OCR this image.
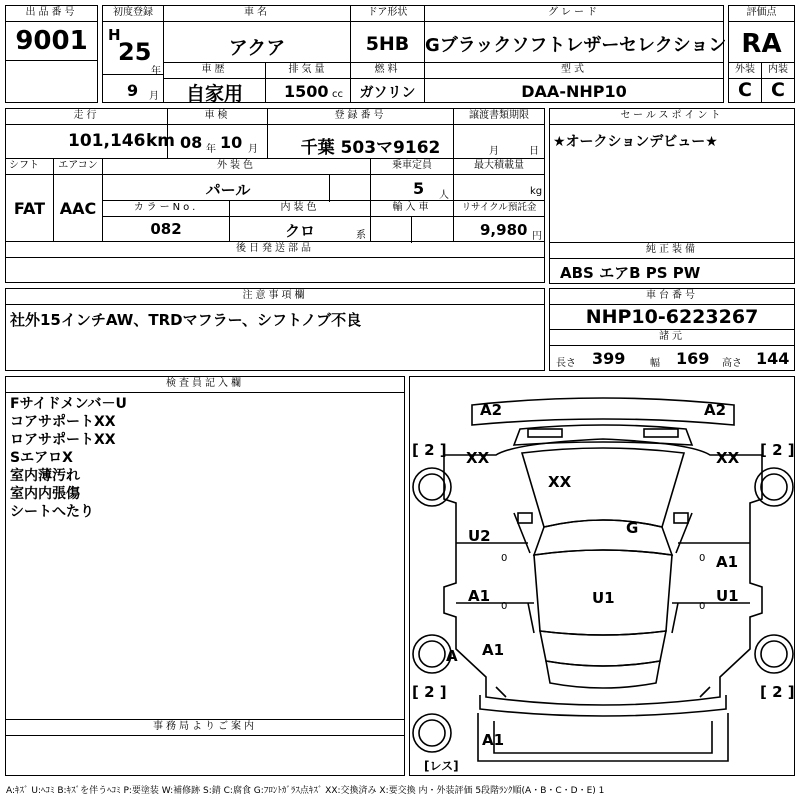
出品番号
9001
初度登録
H
25
年
9 月
車名
アクア
ドア形状
5HB
グレード
Gブラックソフトレザーセレクション
評価点
RA
車歴
自家用
排気量
1500 cc
燃料
ガソリン
型式
DAA-NHP10
外装
C
内装
C
走行
101,146 km
車検
08 年 10 月
登録番号
千葉 503マ9162
譲渡書類期限
月	日
セールスポイント
★オークションデビュー★
シフト
FAT
エアコン
AAC
外装色
パール
乗車定員
5 人
最大積載量
kg
カラーNo.
082
内装色
クロ	系
輸入車	リサイクル預託金
9,980 円
後日発送部品	純正装備
ABS エアB PS PW
注意事項欄
社外15インチAW、TRDマフラー、シフトノブ不良
車台番号
NHP10-6223267
諸元
長さ 399 幅 169 高さ 144
検査員記入欄
Fサイドメンバ－U
コアサポートXX
ロアサポートXX
SエアロX
室内薄汚れ
室内内張傷
シートへたり
事務局よりご案内
A2	A2
XX	XX
XX
G
U2
A1
A1
U1
U1
A A1
A1
[ 2 ]	[ 2 ]
[ 2 ]	[ 2 ]
[レス]
0
0
0
0
A:ｷｽﾞ U:ﾍｺﾐ B:ｷｽﾞを伴うﾍｺﾐ P:要塗装 W:補修跡 S:錆 C:腐食 G:ﾌﾛﾝﾄｶﾞﾗｽ点ｷｽﾞ XX:交換済み X:要交換 内・外装評価 5段階ﾗﾝｸ順(A・B・C・D・E) 1
